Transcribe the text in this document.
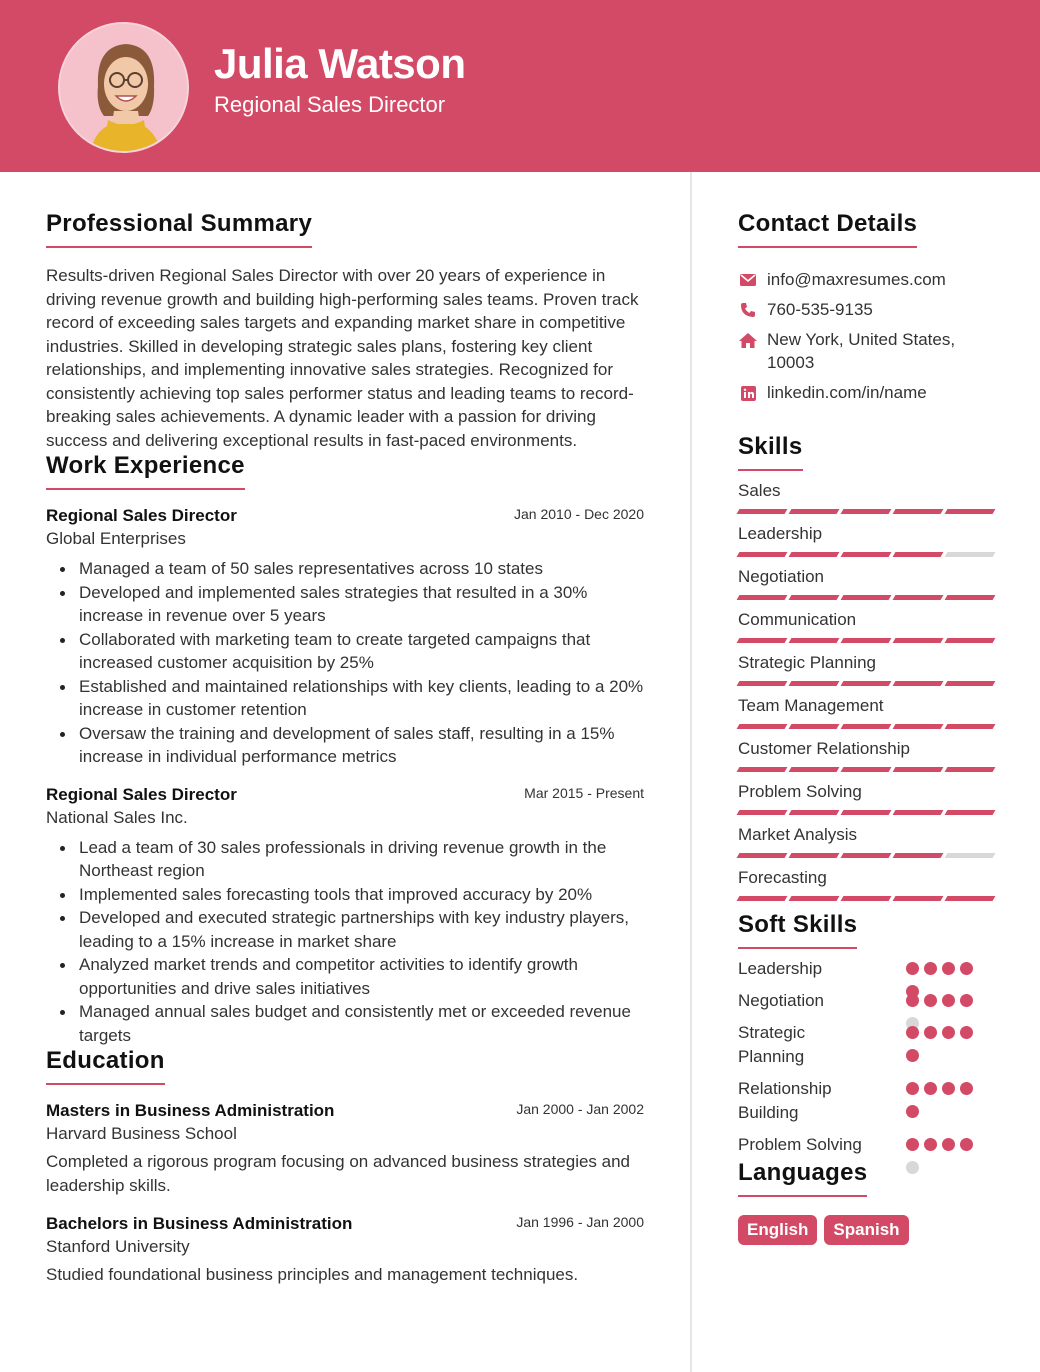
Julia Watson
Regional Sales Director
Professional Summary

Results-driven Regional Sales Director with over 20 years of experience in driving revenue growth and building high-performing sales teams. Proven track record of exceeding sales targets and expanding market share in competitive industries. Skilled in developing strategic sales plans, fostering key client relationships, and implementing innovative sales strategies. Recognized for consistently achieving top sales performer status and leading teams to record-breaking sales achievements. A dynamic leader with a passion for driving success and delivering exceptional results in fast-paced environments.

Work Experience
Regional Sales Director	Jan 2010 - Dec 2020
Global Enterprises
Managed a team of 50 sales representatives across 10 states
Developed and implemented sales strategies that resulted in a 30% increase in revenue over 5 years
Collaborated with marketing team to create targeted campaigns that increased customer acquisition by 25%
Established and maintained relationships with key clients, leading to a 20% increase in customer retention
Oversaw the training and development of sales staff, resulting in a 15% increase in individual performance metrics
Regional Sales Director	Mar 2015 - Present
National Sales Inc.
Lead a team of 30 sales professionals in driving revenue growth in the Northeast region
Implemented sales forecasting tools that improved accuracy by 20%
Developed and executed strategic partnerships with key industry players, leading to a 15% increase in market share
Analyzed market trends and competitor activities to identify growth opportunities and drive sales initiatives
Managed annual sales budget and consistently met or exceeded revenue targets
Education
Masters in Business Administration	Jan 2000 - Jan 2002
Harvard Business School
Completed a rigorous program focusing on advanced business strategies and leadership skills.
Bachelors in Business Administration	Jan 1996 - Jan 2000
Stanford University
Studied foundational business principles and management techniques.
Contact Details
info@maxresumes.com
760-535-9135
New York, United States, 10003
linkedin.com/in/name
Skills
Sales
Leadership
Negotiation
Communication
Strategic Planning
Team Management
Customer Relationship
Problem Solving
Market Analysis
Forecasting
Soft Skills
Leadership
Negotiation
Strategic Planning
Relationship Building
Problem Solving
Languages
English	Spanish
